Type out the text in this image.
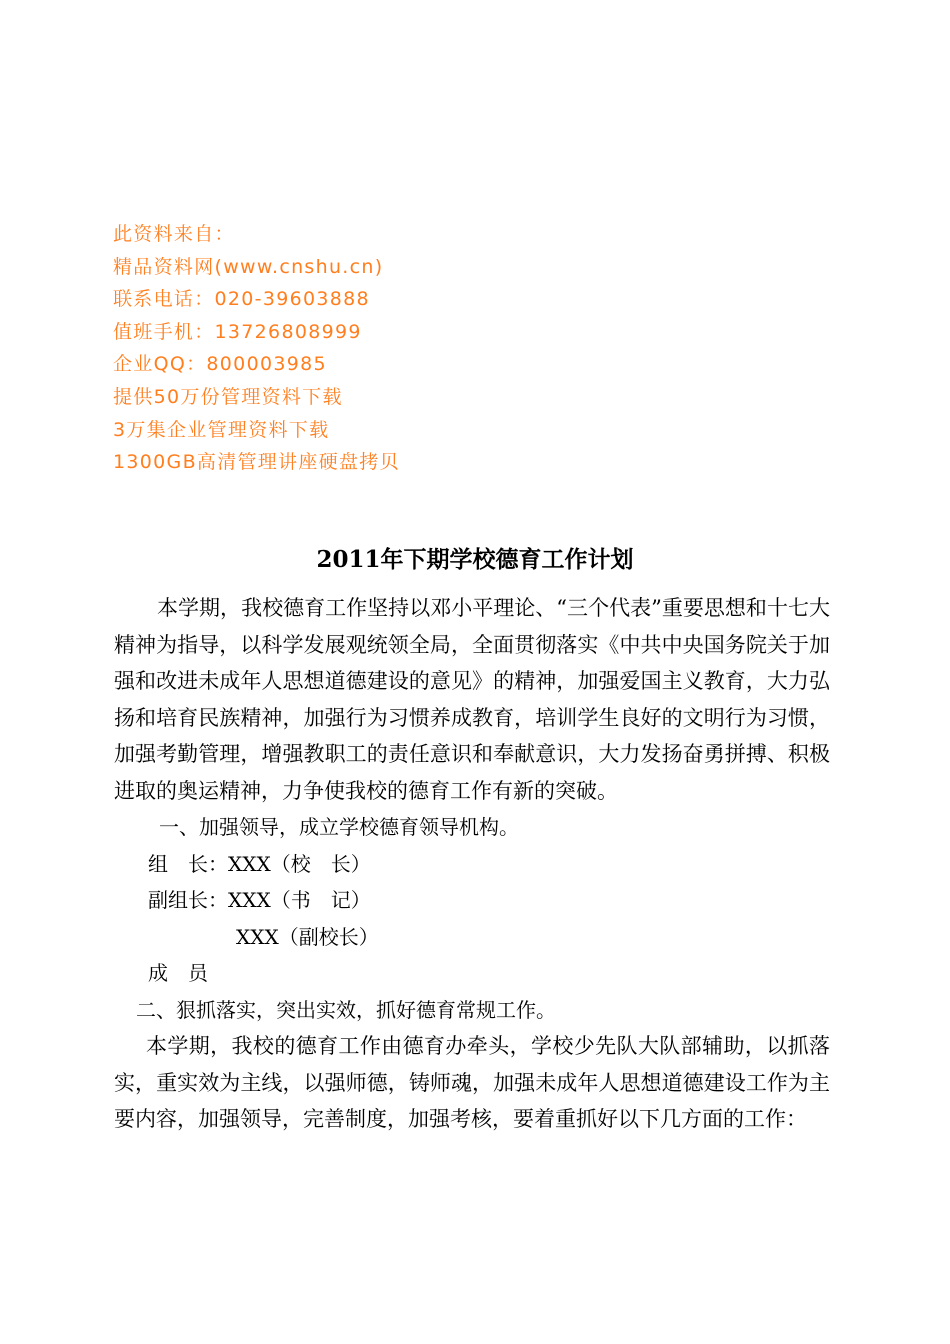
此资料来自：
精品资料网(www.cnshu.cn)
联系电话：020-39603888
值班手机：13726808999
企业QQ：800003985
提供50万份管理资料下载
3万集企业管理资料下载
1300GB高清管理讲座硬盘拷贝
2011年下期学校德育工作计划

本学期，我校德育工作坚持以邓小平理论、“三个代表”重要思想和十七大精神为指导，以科学发展观统领全局，全面贯彻落实《中共中央国务院关于加强和改进未成年人思想道德建设的意见》的精神，加强爱国主义教育，大力弘扬和培育民族精神，加强行为习惯养成教育，培训学生良好的文明行为习惯，加强考勤管理，增强教职工的责任意识和奉献意识，大力发扬奋勇拼搏、积极进取的奥运精神，力争使我校的德育工作有新的突破。

一、加强领导，成立学校德育领导机构。

组　长：XXX（校　长）

副组长：XXX（书　记）

XXX（副校长）

成　员

二、狠抓落实，突出实效，抓好德育常规工作。

本学期，我校的德育工作由德育办牵头，学校少先队大队部辅助，以抓落实，重实效为主线，以强师德，铸师魂，加强未成年人思想道德建设工作为主要内容，加强领导，完善制度，加强考核，要着重抓好以下几方面的工作：
